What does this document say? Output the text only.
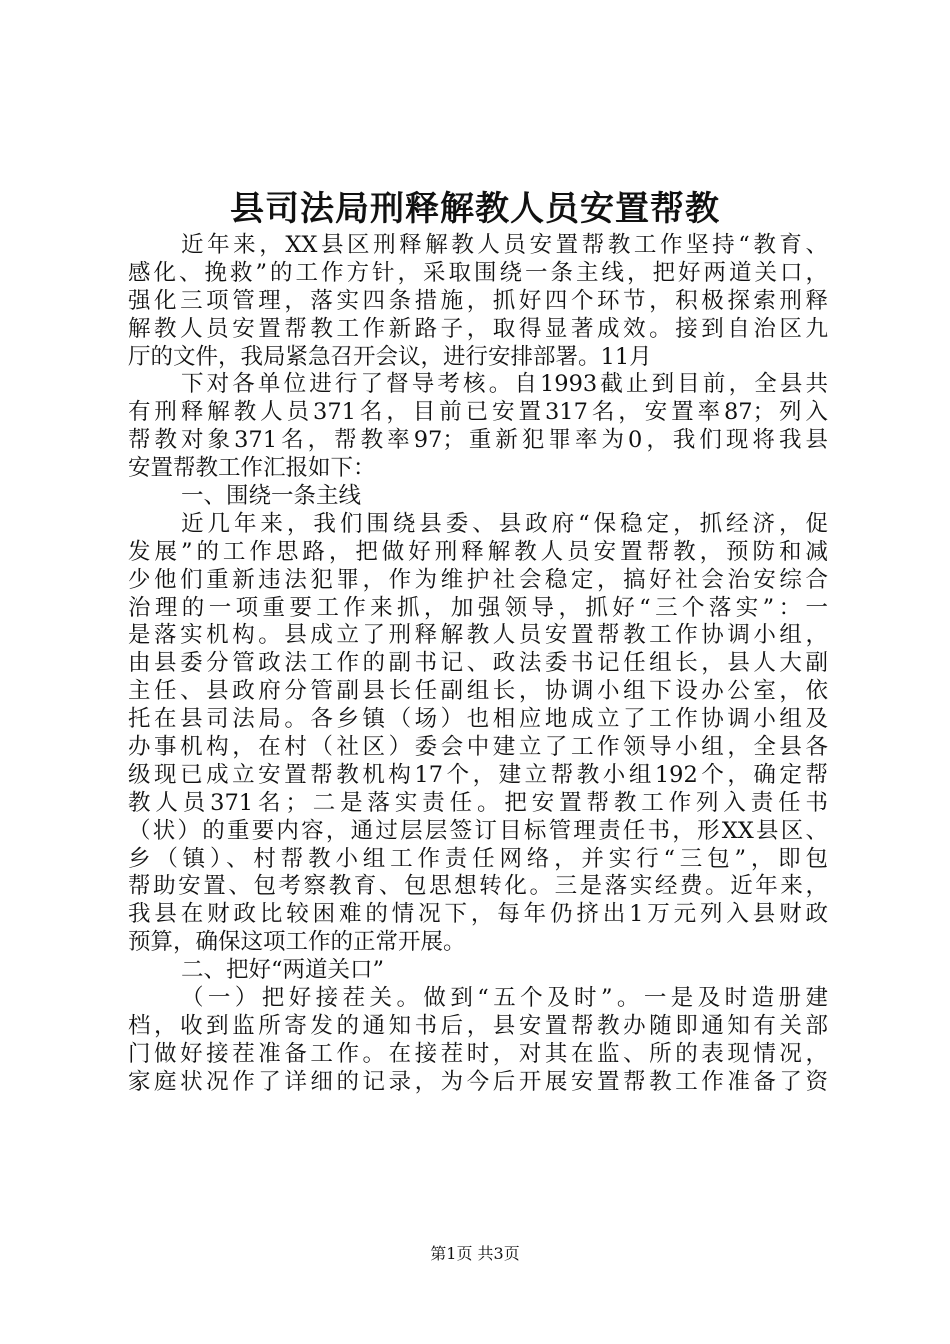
县司法局刑释解教人员安置帮教
近年来，XX县区刑释解教人员安置帮教工作坚持“教育、
感化、挽救”的工作方针，采取围绕一条主线，把好两道关口，
强化三项管理，落实四条措施，抓好四个环节，积极探索刑释
解教人员安置帮教工作新路子，取得显著成效。接到自治区九
厅的文件，我局紧急召开会议，进行安排部署。11月
下对各单位进行了督导考核。自1993截止到目前，全县共
有刑释解教人员371名，目前已安置317名，安置率87；列入
帮教对象371名，帮教率97；重新犯罪率为0，我们现将我县
安置帮教工作汇报如下：
一、围绕一条主线
近几年来，我们围绕县委、县政府“保稳定，抓经济，促
发展”的工作思路，把做好刑释解教人员安置帮教，预防和减
少他们重新违法犯罪，作为维护社会稳定，搞好社会治安综合
治理的一项重要工作来抓，加强领导，抓好“三个落实”：一
是落实机构。县成立了刑释解教人员安置帮教工作协调小组，
由县委分管政法工作的副书记、政法委书记任组长，县人大副
主任、县政府分管副县长任副组长，协调小组下设办公室，依
托在县司法局。各乡镇（场）也相应地成立了工作协调小组及
办事机构，在村（社区）委会中建立了工作领导小组，全县各
级现已成立安置帮教机构17个，建立帮教小组192个，确定帮
教人员371名；二是落实责任。把安置帮教工作列入责任书
（状）的重要内容，通过层层签订目标管理责任书，形XX县区、
乡（镇）、村帮教小组工作责任网络，并实行“三包”，即包
帮助安置、包考察教育、包思想转化。三是落实经费。近年来，
我县在财政比较困难的情况下，每年仍挤出1万元列入县财政
预算，确保这项工作的正常开展。
二、把好“两道关口”
（一）把好接茬关。做到“五个及时”。一是及时造册建
档，收到监所寄发的通知书后，县安置帮教办随即通知有关部
门做好接茬准备工作。在接茬时，对其在监、所的表现情况，
家庭状况作了详细的记录，为今后开展安置帮教工作准备了资
第1页 共3页
